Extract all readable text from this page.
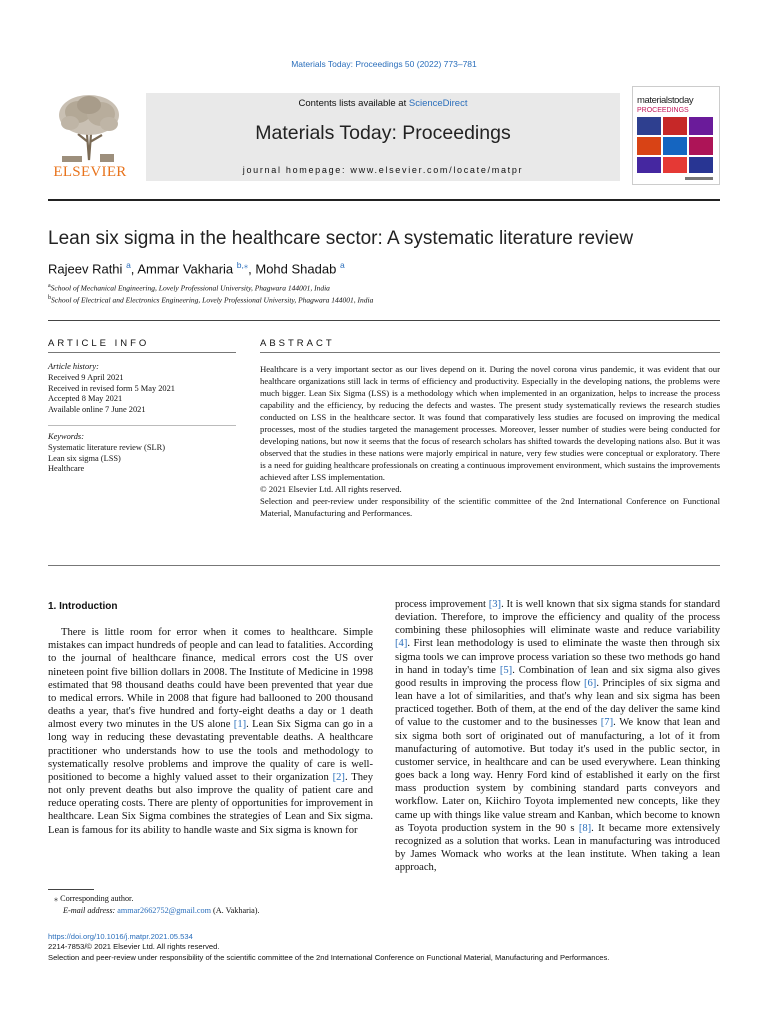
Materials Today: Proceedings 50 (2022) 773–781
ELSEVIER
Contents lists available at ScienceDirect
Materials Today: Proceedings
journal homepage: www.elsevier.com/locate/matpr
materialstoday
PROCEEDINGS
Lean six sigma in the healthcare sector: A systematic literature review
Rajeev Rathi $^a$, Ammar Vakharia $^{b,⁎}$, Mohd Shadab $^a$
$^a$School of Mechanical Engineering, Lovely Professional University, Phagwara 144001, India
$^b$School of Electrical and Electronics Engineering, Lovely Professional University, Phagwara 144001, India
ARTICLE INFO
Article history:
Received 9 April 2021
Received in revised form 5 May 2021
Accepted 8 May 2021
Available online 7 June 2021
Keywords:
Systematic literature review (SLR)
Lean six sigma (LSS)
Healthcare
ABSTRACT
Healthcare is a very important sector as our lives depend on it. During the novel corona virus pandemic, it was evident that our healthcare organizations still lack in terms of efficiency and productivity. Especially in the developing nations, the problems were much bigger. Lean Six Sigma (LSS) is a methodology which when implemented in an organization, helps to increase the process capability and the efficiency, by reducing the defects and wastes. The present study systematically reviews the research studies conducted on LSS in the healthcare sector. It was found that comparatively less studies are focused on improving the medical processes, most of the studies targeted the management processes. Moreover, lesser number of studies were being conducted for developing nations, but now it seems that the focus of research scholars has shifted towards the developing nations also. But it was observed that the studies in these nations were majorly empirical in nature, very few studies were conceptual or exploratory. There is a need for guiding healthcare professionals on creating a continuous improvement environment, which sustains the improvements achieved after LSS implementation.
© 2021 Elsevier Ltd. All rights reserved.
Selection and peer-review under responsibility of the scientific committee of the 2nd International Conference on Functional Material, Manufacturing and Performances.

1. Introduction

There is little room for error when it comes to healthcare. Simple mistakes can impact hundreds of people and can lead to fatalities. According to the journal of healthcare finance, medical errors cost the US over nineteen point five billion dollars in 2008. The Institute of Medicine in 1998 estimated that 98 thousand deaths could have been prevented that year due to medical errors. While in 2008 that figure had ballooned to 200 thousand deaths a year, that's five hundred and forty-eight deaths a day or 1 death almost every two minutes in the US alone [1]. Lean Six Sigma can go in a long way in reducing these devastating preventable deaths. A healthcare practitioner who understands how to use the tools and methodology to systematically resolve problems and improve the quality of care is well-positioned to become a highly valued asset to their organization [2]. They not only prevent deaths but also improve the quality of patient care and reduce operating costs. There are plenty of opportunities for improvement in healthcare. Lean Six Sigma combines the strategies of Lean and Six sigma. Lean is famous for its ability to handle waste and Six sigma is known for

process improvement [3]. It is well known that six sigma stands for standard deviation. Therefore, to improve the efficiency and quality of the process combining these philosophies will eliminate waste and reduce variability [4]. First lean methodology is used to eliminate the waste then through six sigma tools we can improve process variation so these two methods go hand in hand in today's time [5]. Combination of lean and six sigma also gives good results in improving the process flow [6]. Principles of six sigma and lean have a lot of similarities, and that's why lean and six sigma has been practiced together. Both of them, at the end of the day deliver the same kind of value to the customer and to the businesses [7]. We know that lean and six sigma both sort of originated out of manufacturing, a lot of it from manufacturing of automotive. But today it's used in the public sector, in customer service, in healthcare and can be used everywhere. Lean thinking goes back a long way. Henry Ford kind of established it early on the first mass production system by combining standard parts conveyors and workflow. Later on, Kiichiro Toyota implemented new concepts, like they came up with things like value stream and Kanban, which become to known as Toyota production system in the 90 s [8]. It became more extensively recognized as a solution that works. Lean in manufacturing was introduced by James Womack who works at the lean institute. When taking a lean approach,

⁎ Corresponding author.
E-mail address: ammar2662752@gmail.com (A. Vakharia).
https://doi.org/10.1016/j.matpr.2021.05.534
2214-7853/© 2021 Elsevier Ltd. All rights reserved.
Selection and peer-review under responsibility of the scientific committee of the 2nd International Conference on Functional Material, Manufacturing and Performances.
